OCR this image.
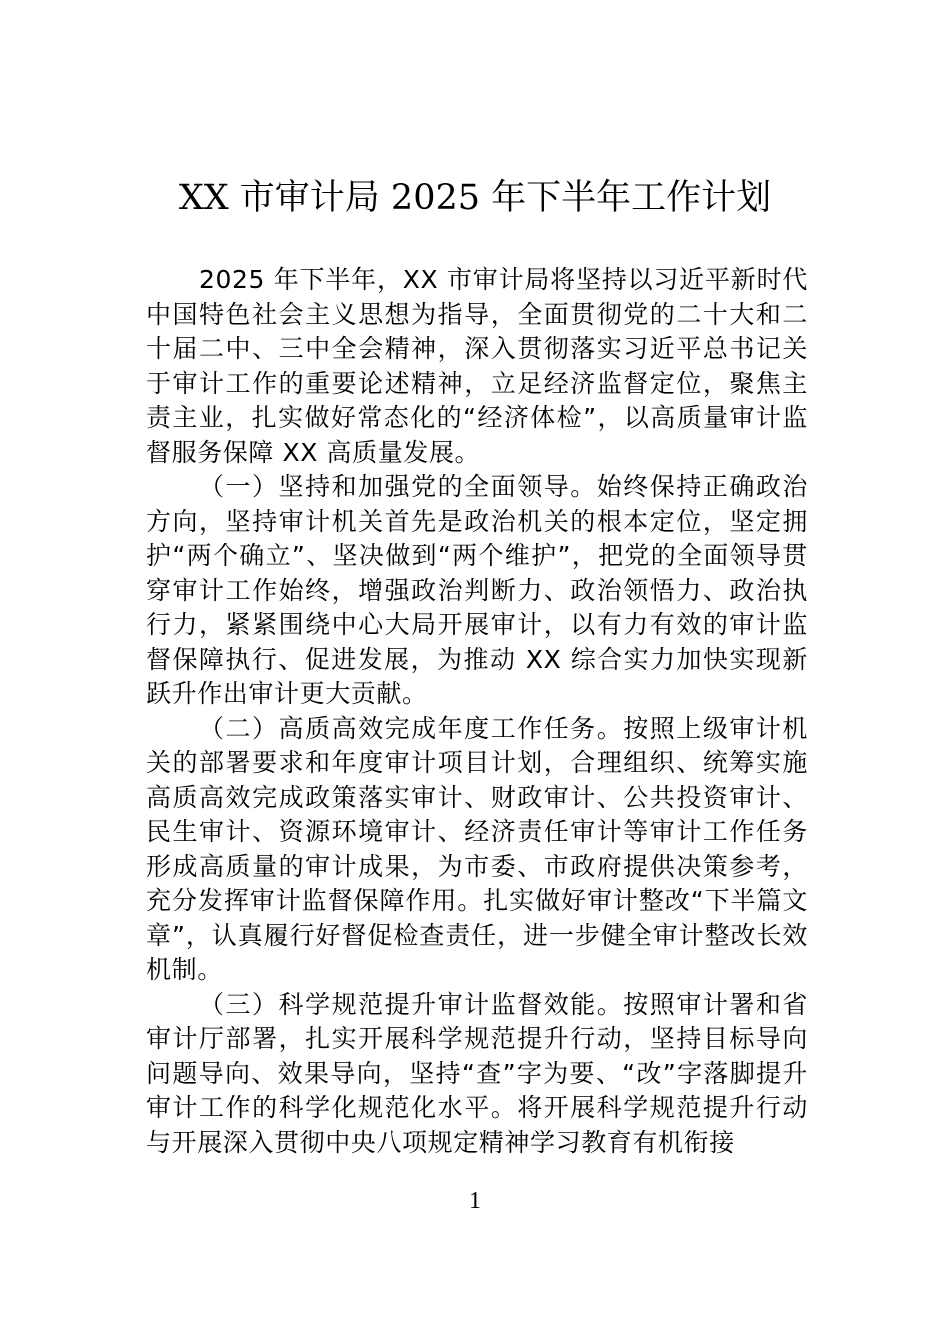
XX 市审计局 2025 年下半年工作计划

2025 年下半年，XX 市审计局将坚持以习近平新时代中国特色社会主义思想为指导，全面贯彻党的二十大和二十届二中、三中全会精神，深入贯彻落实习近平总书记关于审计工作的重要论述精神，立足经济监督定位，聚焦主责主业，扎实做好常态化的“经济体检”，以高质量审计监督服务保障 XX 高质量发展。

（一）坚持和加强党的全面领导。始终保持正确政治方向，坚持审计机关首先是政治机关的根本定位，坚定拥护“两个确立”、坚决做到“两个维护”，把党的全面领导贯穿审计工作始终，增强政治判断力、政治领悟力、政治执行力，紧紧围绕中心大局开展审计，以有力有效的审计监督保障执行、促进发展，为推动 XX 综合实力加快实现新跃升作出审计更大贡献。

（二）高质高效完成年度工作任务。按照上级审计机关的部署要求和年度审计项目计划，合理组织、统筹实施高质高效完成政策落实审计、财政审计、公共投资审计、民生审计、资源环境审计、经济责任审计等审计工作任务形成高质量的审计成果，为市委、市政府提供决策参考，充分发挥审计监督保障作用。扎实做好审计整改“下半篇文章”，认真履行好督促检查责任，进一步健全审计整改长效机制。

（三）科学规范提升审计监督效能。按照审计署和省审计厅部署，扎实开展科学规范提升行动，坚持目标导向问题导向、效果导向，坚持“查”字为要、“改”字落脚提升审计工作的科学化规范化水平。将开展科学规范提升行动与开展深入贯彻中央八项规定精神学习教育有机衔接

1
